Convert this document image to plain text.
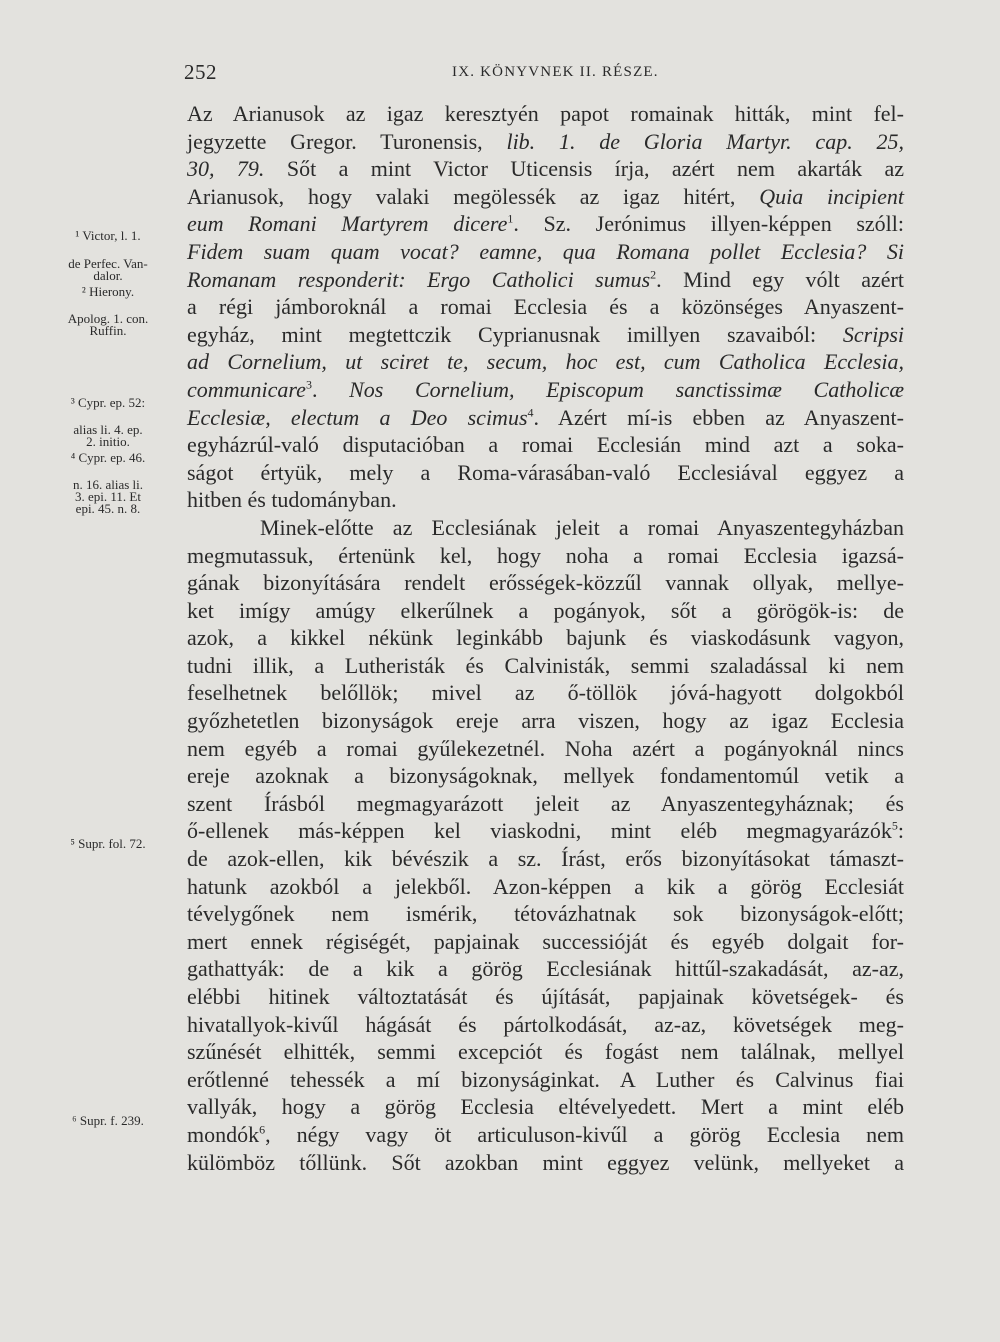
252	IX. KÖNYVNEK II. RÉSZE.
Az Arianusok az igaz keresztyén papot romainak hitták, mint fel-
jegyzette Gregor. Turonensis, lib. 1. de Gloria Martyr. cap. 25,
30, 79. Sőt a mint Victor Uticensis írja, azért nem akarták az
Arianusok, hogy valaki megölessék az igaz hitért, Quia incipient
eum Romani Martyrem dicere$^1$. Sz. Jerónimus illyen-képpen szóll:
Fidem suam quam vocat? eamne, qua Romana pollet Ecclesia? Si
Romanam responderit: Ergo Catholici sumus$^2$. Mind egy vólt azért
a régi jámboroknál a romai Ecclesia és a közönséges Anyaszent-
egyház, mint megtettczik Cyprianusnak imillyen szavaiból: Scripsi
ad Cornelium, ut sciret te, secum, hoc est, cum Catholica Ecclesia,
communicare$^3$. Nos Cornelium, Episcopum sanctissimæ Catholicæ
Ecclesiæ, electum a Deo scimus$^4$. Azért mí-is ebben az Anyaszent-
egyházrúl-való disputacióban a romai Ecclesián mind azt a soka-
ságot értyük, mely a Roma-várasában-való Ecclesiával eggyez a
hitben és tudományban.
Minek-előtte az Ecclesiának jeleit a romai Anyaszentegyházban
megmutassuk, értenünk kel, hogy noha a romai Ecclesia igazsá-
gának bizonyítására rendelt erősségek-közzűl vannak ollyak, mellye-
ket imígy amúgy elkerűlnek a pogányok, sőt a görögök-is: de
azok, a kikkel nékünk leginkább bajunk és viaskodásunk vagyon,
tudni illik, a Lutheristák és Calvinisták, semmi szaladással ki nem
feselhetnek belőllök; mivel az ő-töllök jóvá-hagyott dolgokból
győzhetetlen bizonyságok ereje arra viszen, hogy az igaz Ecclesia
nem egyéb a romai gyűlekezetnél. Noha azért a pogányoknál nincs
ereje azoknak a bizonyságoknak, mellyek fondamentomúl vetik a
szent Írásból megmagyarázott jeleit az Anyaszentegyháznak; és
ő-ellenek más-képpen kel viaskodni, mint eléb megmagyarázók$^5$:
de azok-ellen, kik bévészik a sz. Írást, erős bizonyításokat támaszt-
hatunk azokból a jelekből. Azon-képpen a kik a görög Ecclesiát
tévelygőnek nem ismérik, tétovázhatnak sok bizonyságok-előtt;
mert ennek régiségét, papjainak successióját és egyéb dolgait for-
gathattyák: de a kik a görög Ecclesiának hittűl-szakadását, az-az,
elébbi hitinek változtatását és újítását, papjainak követségek- és
hivatallyok-kivűl hágását és pártolkodását, az-az, követségek meg-
szűnését elhitték, semmi excepciót és fogást nem találnak, mellyel
erőtlenné tehessék a mí bizonyságinkat. A Luther és Calvinus fiai
vallyák, hogy a görög Ecclesia eltévelyedett. Mert a mint eléb
mondók$^6$, négy vagy öt articuluson-kivűl a görög Ecclesia nem
külömböz tőllünk. Sőt azokban mint eggyez velünk, mellyeket a
¹ Victor, l. 1.
de Perfec. Van-
dalor.
² Hierony.
Apolog. 1. con.
Ruffin.
³ Cypr. ep. 52:
alias li. 4. ep.
2. initio.
⁴ Cypr. ep. 46.
n. 16. alias li.
3. epi. 11. Et
epi. 45. n. 8.
⁵ Supr. fol. 72.
⁶ Supr. f. 239.
